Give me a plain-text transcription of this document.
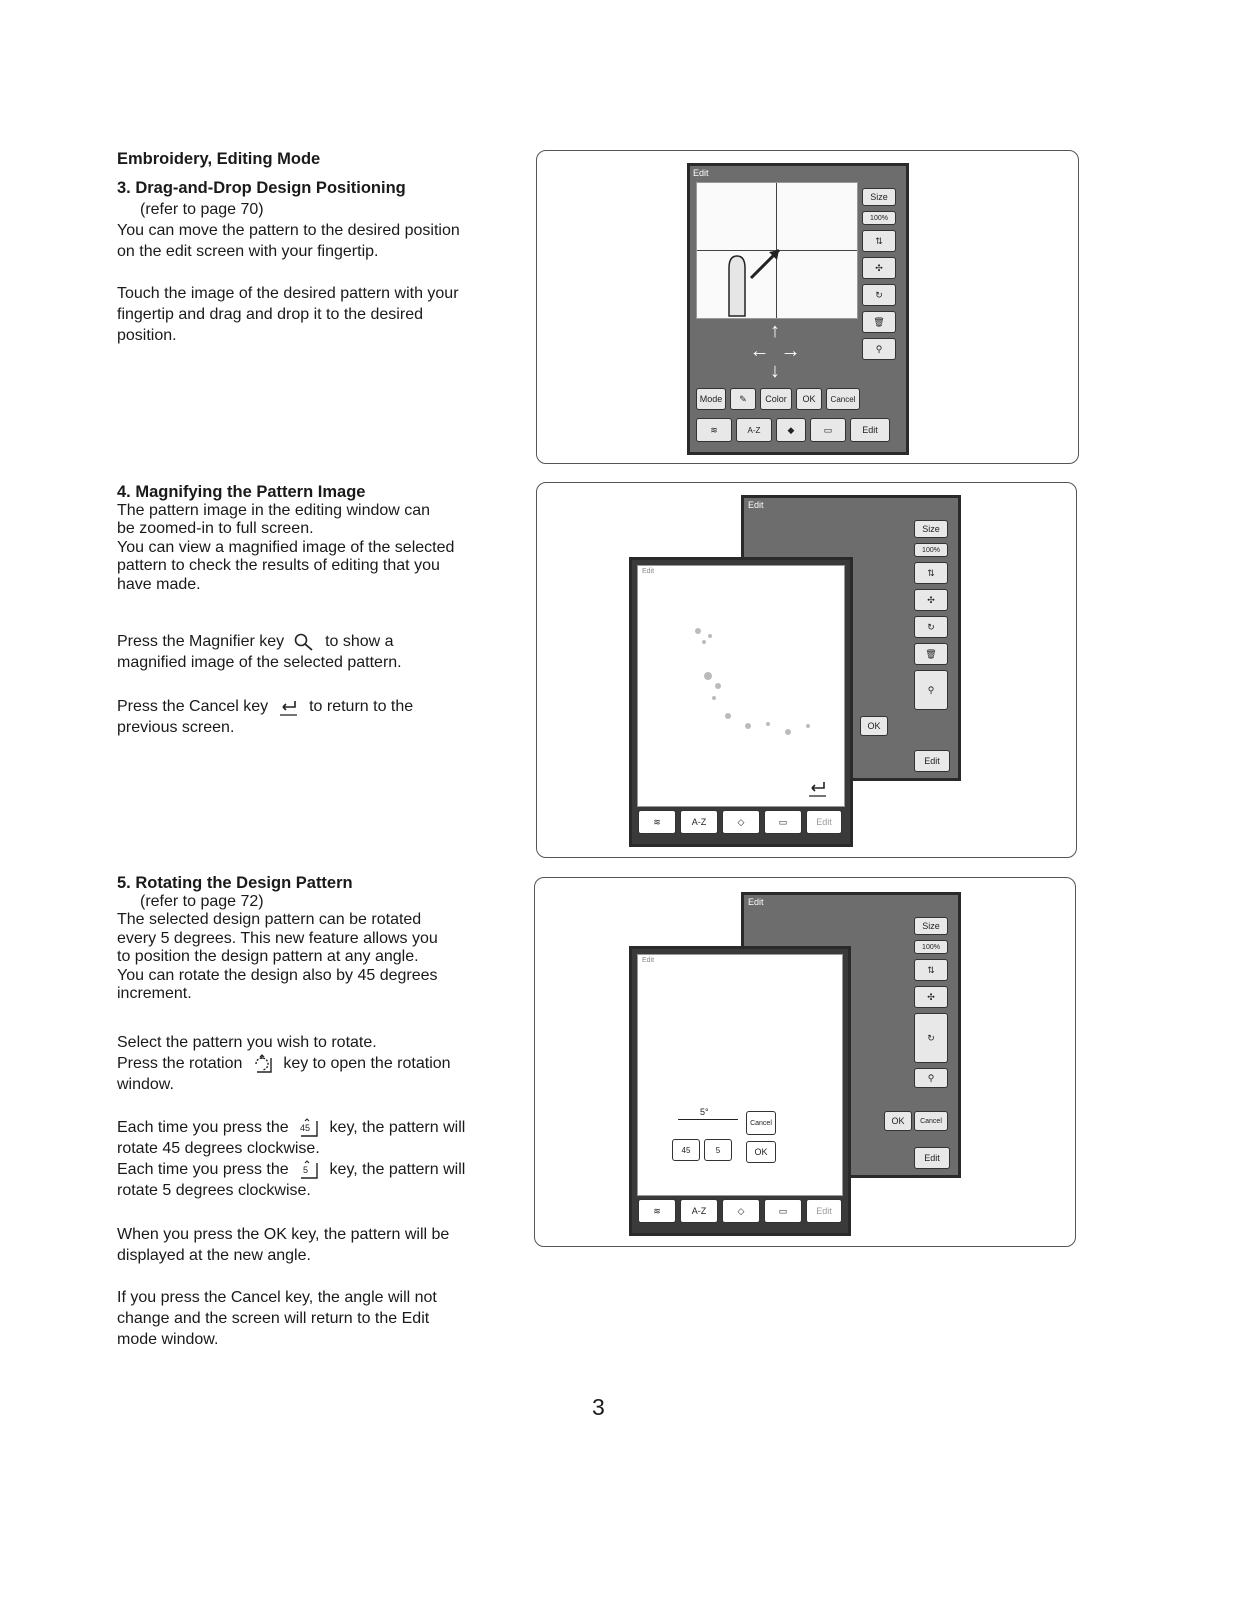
Embroidery, Editing Mode
3. Drag-and-Drop Design Positioning
(refer to page 70)
You can move the pattern to the desired position
on the edit screen with your fingertip.
Touch the image of the desired pattern with your
fingertip and drag and drop it to the desired
position.
4. Magnifying the Pattern Image
The pattern image in the editing window can
be zoomed-in to full screen.
You can view a magnified image of the selected
pattern to check the results of editing that you
have made.
Press the Magnifier key	to show a
magnified image of the selected pattern.
Press the Cancel key	to return to the
previous screen.
5. Rotating the Design Pattern
(refer to page 72)
The selected design pattern can be rotated
every 5 degrees. This new feature allows you
to position the design pattern at any angle.
You can rotate the design also by 45 degrees
increment.
Select the pattern you wish to rotate.
Press the rotation	key to open the rotation
window.
Each time you press the 45 key, the pattern will
rotate 45 degrees clockwise.
Each time you press the 5 key, the pattern will
rotate 5 degrees clockwise.
When you press the OK key, the pattern will be
displayed at the new angle.
If you press the Cancel key, the angle will not
change and the screen will return to the Edit
mode window.
Edit
Size
100%
⇅
✣
↻
🗑
⚲
↑
←  →
↓
Mode	✎	Color	OK	Cancel
≋	A-Z	◆	▭	Edit
Edit
Size
100%
⇅
✣
↻
🗑
⚲
OK
Edit
Edit
≋	A-Z	◇	▭	Edit
Edit
Size
100%
⇅
✣
↻
⚲
OK	Cancel
Edit
Edit
5°
45	5
Cancel
OK
≋	A-Z	◇	▭	Edit
3
